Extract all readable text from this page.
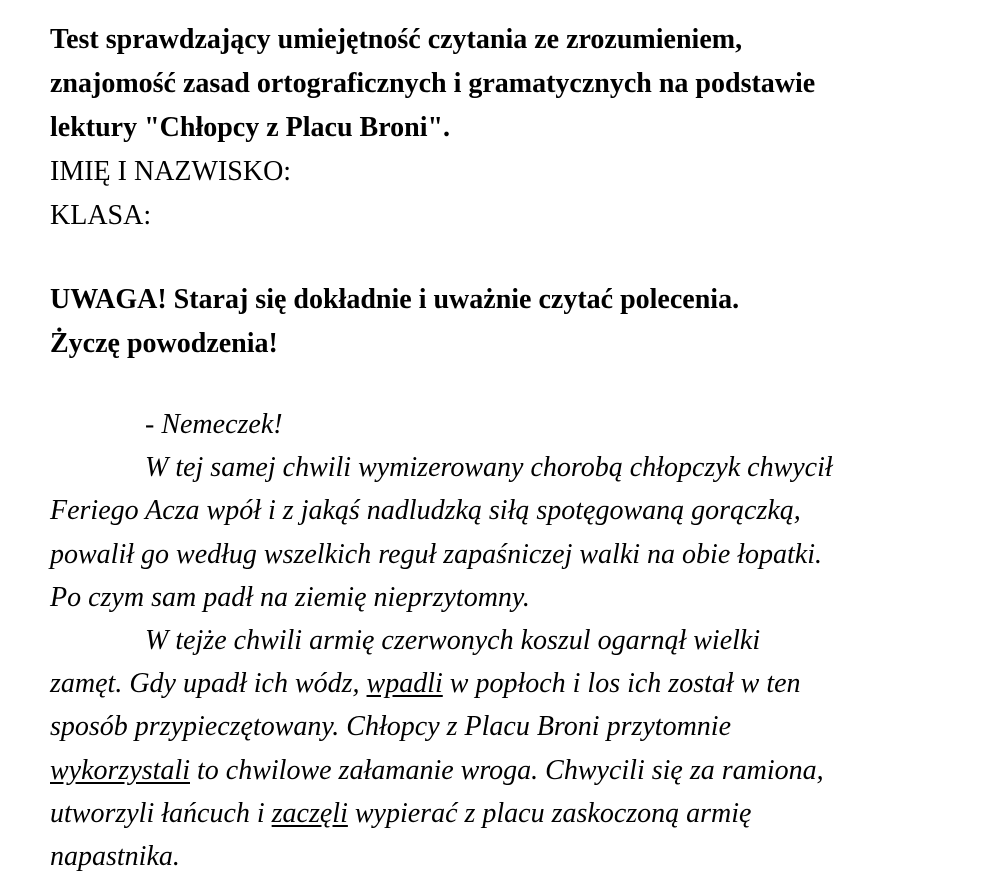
Test sprawdzający umiejętność czytania ze zrozumieniem,
znajomość zasad ortograficznych i gramatycznych na podstawie
lektury "Chłopcy z Placu Broni".
IMIĘ I NAZWISKO:
KLASA:
UWAGA! Staraj się dokładnie i uważnie czytać polecenia.
Życzę powodzenia!
- Nemeczek!
W tej samej chwili wymizerowany chorobą chłopczyk chwycił
Feriego Acza wpół i z jakąś nadludzką siłą spotęgowaną gorączką,
powalił go według wszelkich reguł zapaśniczej walki na obie łopatki.
Po czym sam padł na ziemię nieprzytomny.
W tejże chwili armię czerwonych koszul ogarnął wielki
zamęt. Gdy upadł ich wódz, wpadli w popłoch i los ich został w ten
sposób przypieczętowany. Chłopcy z Placu Broni przytomnie
wykorzystali to chwilowe załamanie wroga. Chwycili się za ramiona,
utworzyli łańcuch i zaczęli wypierać z placu zaskoczoną armię
napastnika.
